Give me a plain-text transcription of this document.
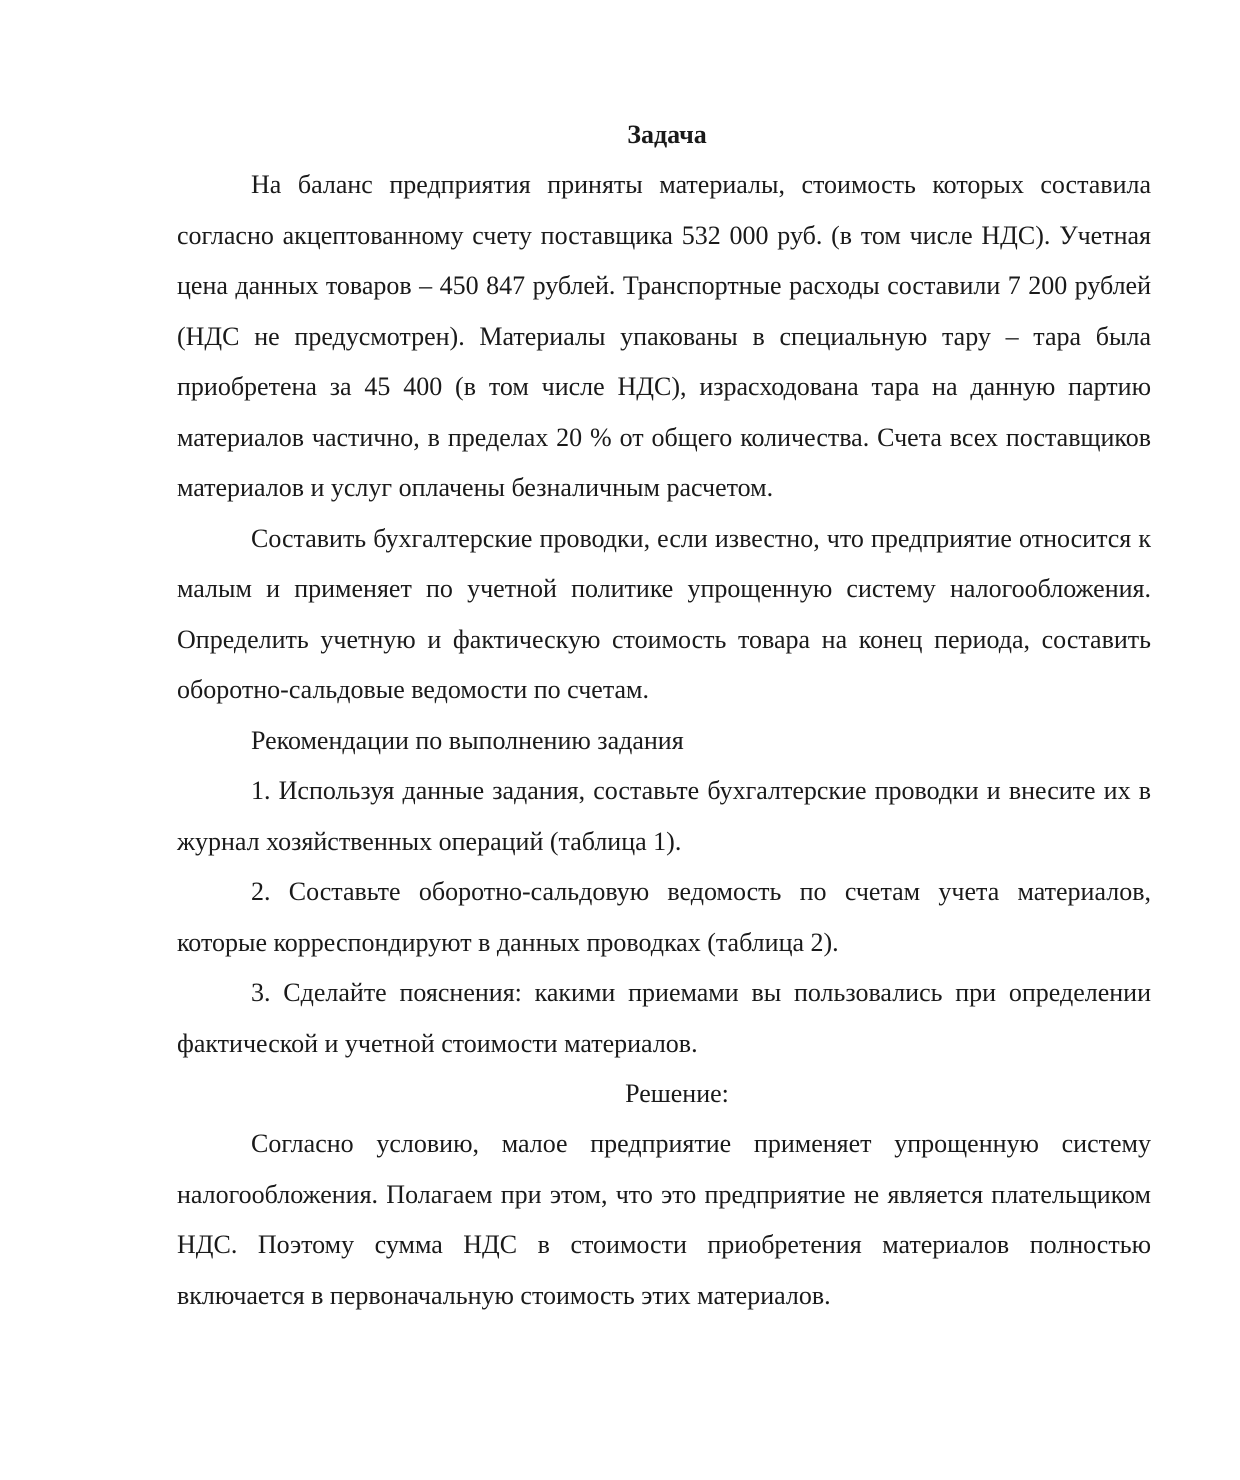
Задача

На баланс предприятия приняты материалы, стоимость которых составила согласно акцептованному счету поставщика 532 000 руб. (в том числе НДС). Учетная цена данных товаров – 450 847 рублей. Транспортные расходы составили 7 200 рублей (НДС не предусмотрен). Материалы упакованы в специальную тару – тара была приобретена за 45 400 (в том числе НДС), израсходована тара на данную партию материалов частично, в пределах 20 % от общего количества. Счета всех поставщиков материалов и услуг оплачены безналичным расчетом.

Составить бухгалтерские проводки, если известно, что предприятие относится к малым и применяет по учетной политике упрощенную систему налогообложения. Определить учетную и фактическую стоимость товара на конец периода, составить оборотно-сальдовые ведомости по счетам.

Рекомендации по выполнению задания

1. Используя данные задания, составьте бухгалтерские проводки и внесите их в журнал хозяйственных операций (таблица 1).

2. Составьте оборотно-сальдовую ведомость по счетам учета материалов, которые корреспондируют в данных проводках (таблица 2).

3. Сделайте пояснения: какими приемами вы пользовались при определении фактической и учетной стоимости материалов.

Решение:

Согласно условию, малое предприятие применяет упрощенную систему налогообложения. Полагаем при этом, что это предприятие не является плательщиком НДС. Поэтому сумма НДС в стоимости приобретения материалов полностью включается в первоначальную стоимость этих материалов.
